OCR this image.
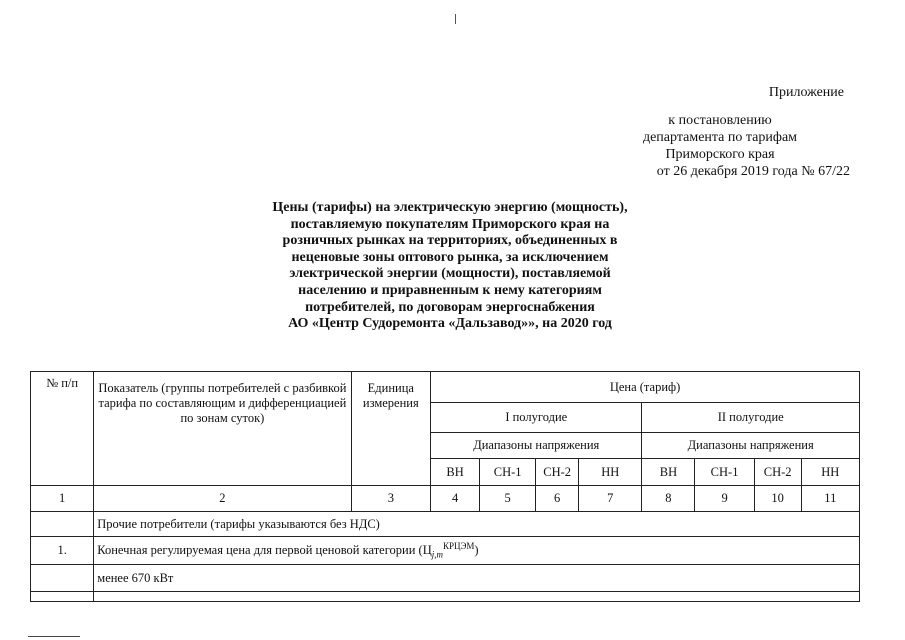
Приложение
к постановлению
департамента по тарифам
Приморского края
от 26 декабря 2019 года № 67/22
Цены (тарифы) на электрическую энергию (мощность),
поставляемую покупателям Приморского края на
розничных рынках на территориях, объединенных в
неценовые зоны оптового рынка, за исключением
электрической энергии (мощности), поставляемой
населению и приравненным к нему категориям
потребителей, по договорам энергоснабжения
АО «Центр Судоремонта «Дальзавод»», на 2020 год
№ п/п	Показатель (группы потребителей с разбивкой тарифа по составляющим и дифференциацией по зонам суток)	Единица измерения	Цена (тариф)							
			I полугодие				II полугодие			
			Диапазоны напряжения				Диапазоны напряжения			
			ВН	СН-1	СН-2	НН	ВН	СН-1	СН-2	НН
1	2	3	4	5	6	7	8	9	10	11
	Прочие потребители (тарифы указываются без НДС)									
1.	Конечная регулируемая цена для первой ценовой категории $(Ц_{j,m}^{КРЦЭМ})$									
	менее 670 кВт									
